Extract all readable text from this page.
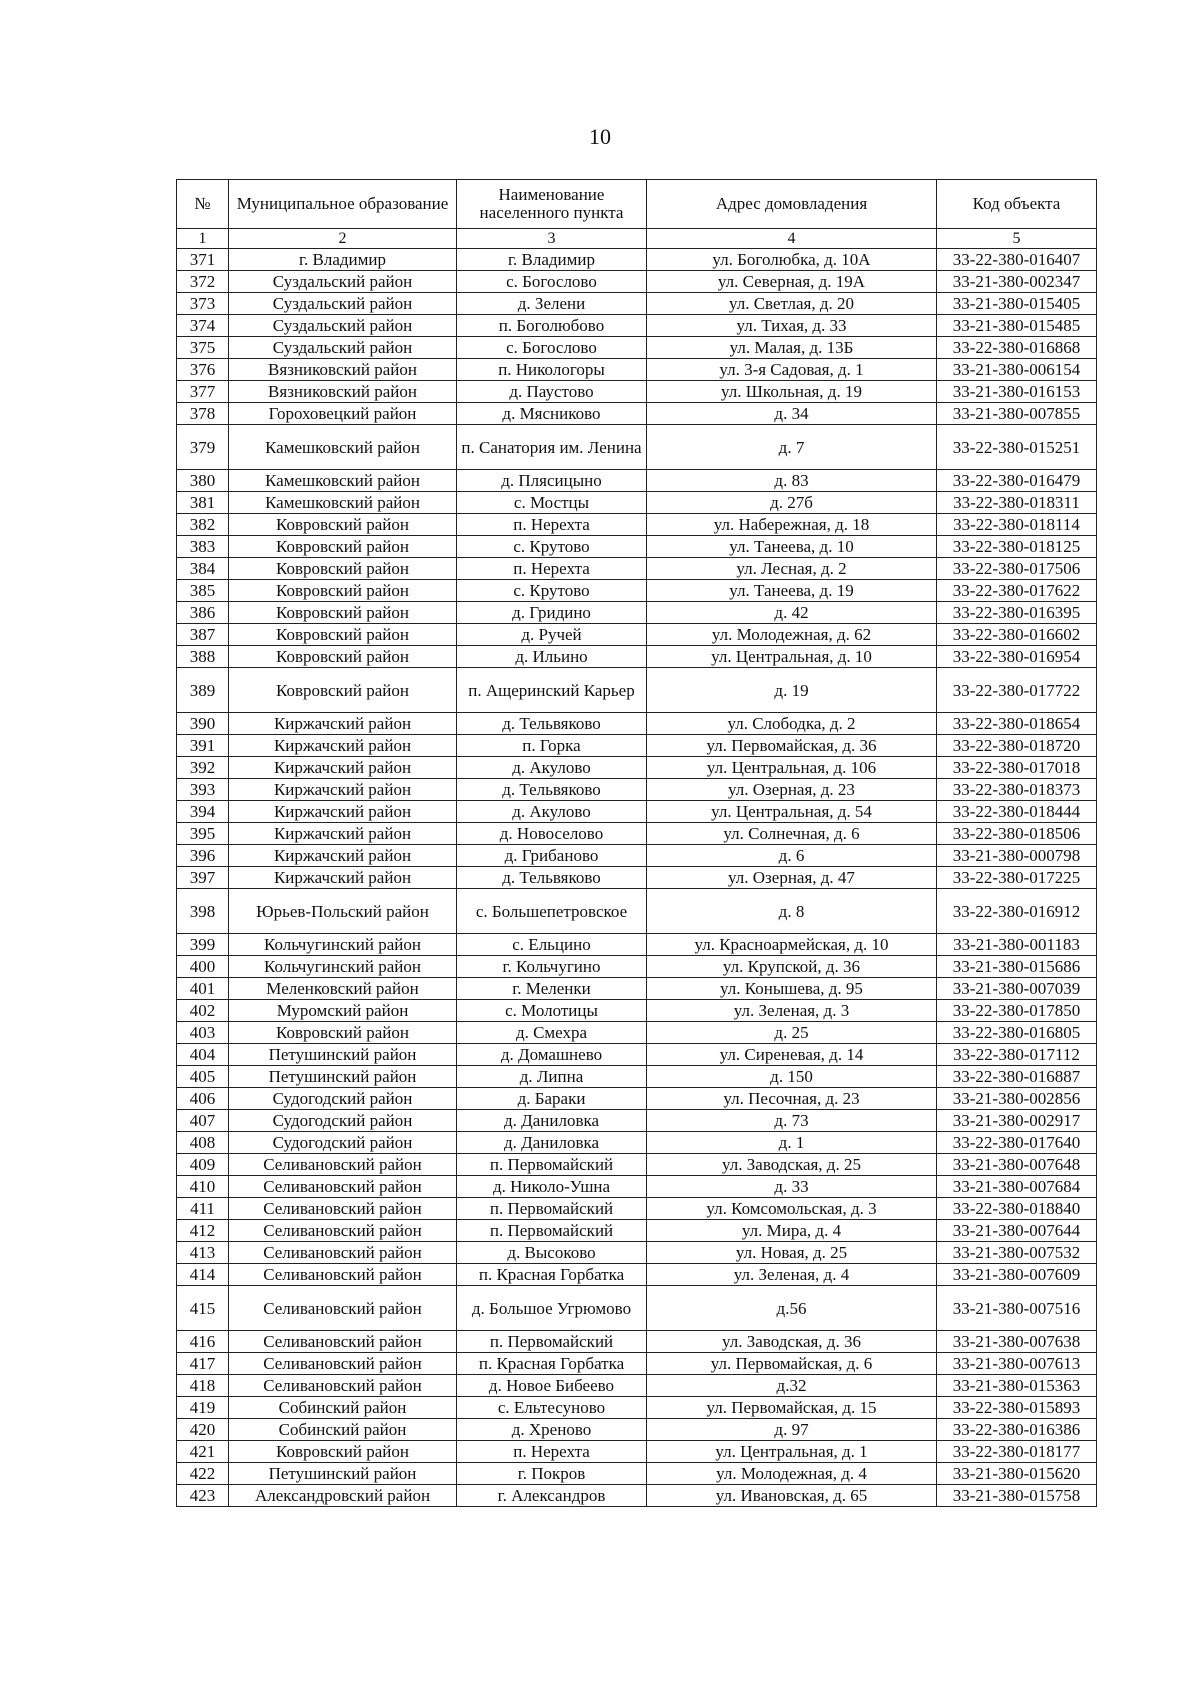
10
№	Муниципальное образование	Наименование населенного пункта	Адрес домовладения	Код объекта
1	2	3	4	5
371	г. Владимир	г. Владимир	ул. Боголюбка, д. 10А	33-22-380-016407
372	Суздальский район	с. Богослово	ул. Северная, д. 19А	33-21-380-002347
373	Суздальский район	д. Зелени	ул. Светлая, д. 20	33-21-380-015405
374	Суздальский район	п. Боголюбово	ул. Тихая, д. 33	33-21-380-015485
375	Суздальский район	с. Богослово	ул. Малая, д. 13Б	33-22-380-016868
376	Вязниковский район	п. Никологоры	ул. 3-я Садовая, д. 1	33-21-380-006154
377	Вязниковский район	д. Паустово	ул. Школьная, д. 19	33-21-380-016153
378	Гороховецкий район	д. Мясниково	д. 34	33-21-380-007855
379	Камешковский район	п. Санатория им. Ленина	д. 7	33-22-380-015251
380	Камешковский район	д. Плясицыно	д. 83	33-22-380-016479
381	Камешковский район	с. Мостцы	д. 27б	33-22-380-018311
382	Ковровский район	п. Нерехта	ул. Набережная, д. 18	33-22-380-018114
383	Ковровский район	с. Крутово	ул. Танеева, д. 10	33-22-380-018125
384	Ковровский район	п. Нерехта	ул. Лесная, д. 2	33-22-380-017506
385	Ковровский район	с. Крутово	ул. Танеева, д. 19	33-22-380-017622
386	Ковровский район	д. Гридино	д. 42	33-22-380-016395
387	Ковровский район	д. Ручей	ул. Молодежная, д. 62	33-22-380-016602
388	Ковровский район	д. Ильино	ул. Центральная, д. 10	33-22-380-016954
389	Ковровский район	п. Ащеринский Карьер	д. 19	33-22-380-017722
390	Киржачский район	д. Тельвяково	ул. Слободка, д. 2	33-22-380-018654
391	Киржачский район	п. Горка	ул. Первомайская, д. 36	33-22-380-018720
392	Киржачский район	д. Акулово	ул. Центральная, д. 106	33-22-380-017018
393	Киржачский район	д. Тельвяково	ул. Озерная, д. 23	33-22-380-018373
394	Киржачский район	д. Акулово	ул. Центральная, д. 54	33-22-380-018444
395	Киржачский район	д. Новоселово	ул. Солнечная, д. 6	33-22-380-018506
396	Киржачский район	д. Грибаново	д. 6	33-21-380-000798
397	Киржачский район	д. Тельвяково	ул. Озерная, д. 47	33-22-380-017225
398	Юрьев-Польский район	с. Большепетровское	д. 8	33-22-380-016912
399	Кольчугинский район	с. Ельцино	ул. Красноармейская, д. 10	33-21-380-001183
400	Кольчугинский район	г. Кольчугино	ул. Крупской, д. 36	33-21-380-015686
401	Меленковский район	г. Меленки	ул. Конышева, д. 95	33-21-380-007039
402	Муромский район	с. Молотицы	ул. Зеленая, д. 3	33-22-380-017850
403	Ковровский район	д. Смехра	д. 25	33-22-380-016805
404	Петушинский район	д. Домашнево	ул. Сиреневая, д. 14	33-22-380-017112
405	Петушинский район	д. Липна	д. 150	33-22-380-016887
406	Судогодский район	д. Бараки	ул. Песочная, д. 23	33-21-380-002856
407	Судогодский район	д. Даниловка	д. 73	33-21-380-002917
408	Судогодский район	д. Даниловка	д. 1	33-22-380-017640
409	Селивановский район	п. Первомайский	ул. Заводская, д. 25	33-21-380-007648
410	Селивановский район	д. Николо-Ушна	д. 33	33-21-380-007684
411	Селивановский район	п. Первомайский	ул. Комсомольская, д. 3	33-22-380-018840
412	Селивановский район	п. Первомайский	ул. Мира, д. 4	33-21-380-007644
413	Селивановский район	д. Высоково	ул. Новая, д. 25	33-21-380-007532
414	Селивановский район	п. Красная Горбатка	ул. Зеленая, д. 4	33-21-380-007609
415	Селивановский район	д. Большое Угрюмово	д.56	33-21-380-007516
416	Селивановский район	п. Первомайский	ул. Заводская, д. 36	33-21-380-007638
417	Селивановский район	п. Красная Горбатка	ул. Первомайская, д. 6	33-21-380-007613
418	Селивановский район	д. Новое Бибеево	д.32	33-21-380-015363
419	Собинский район	с. Ельтесуново	ул. Первомайская, д. 15	33-22-380-015893
420	Собинский район	д. Хреново	д. 97	33-22-380-016386
421	Ковровский район	п. Нерехта	ул. Центральная, д. 1	33-22-380-018177
422	Петушинский район	г. Покров	ул. Молодежная, д. 4	33-21-380-015620
423	Александровский район	г. Александров	ул. Ивановская, д. 65	33-21-380-015758
